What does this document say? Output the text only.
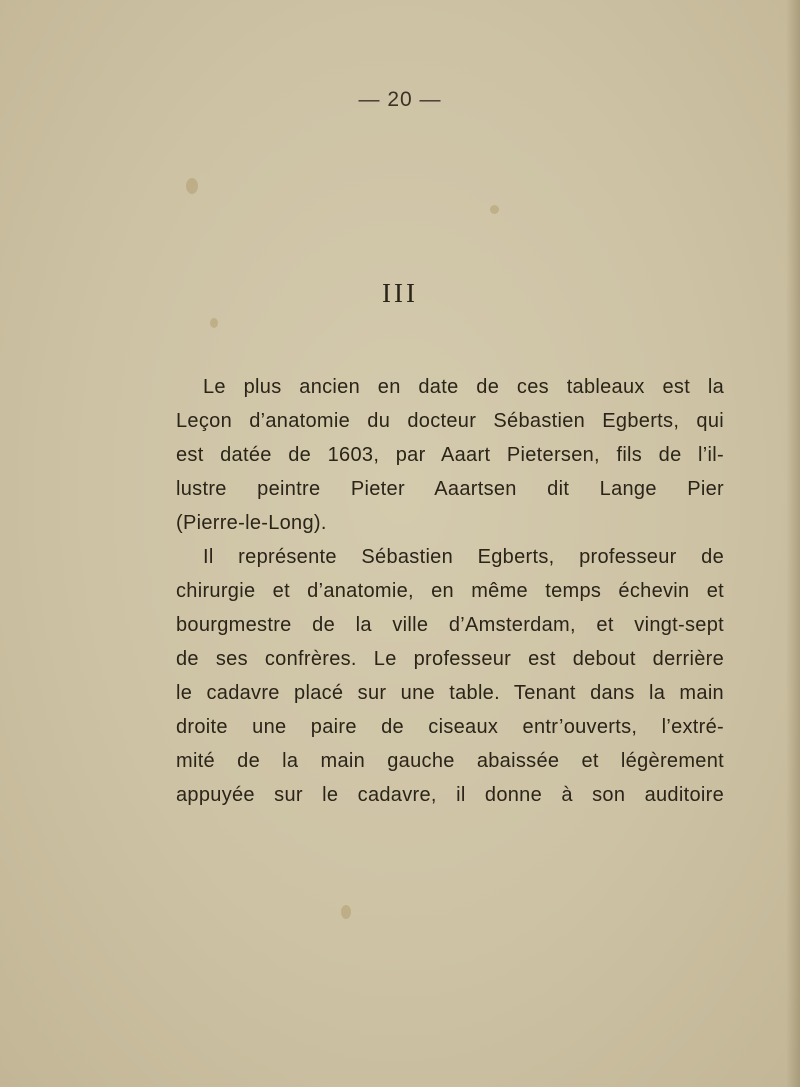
— 20 —
III
Le plus ancien en date de ces tableaux est la
Leçon d’anatomie du docteur Sébastien Egberts, qui
est datée de 1603, par Aaart Pietersen, fils de l’il-
lustre peintre Pieter Aaartsen dit Lange Pier
(Pierre-le-Long).
Il représente Sébastien Egberts, professeur de
chirurgie et d’anatomie, en même temps échevin et
bourgmestre de la ville d’Amsterdam, et vingt-sept
de ses confrères. Le professeur est debout derrière
le cadavre placé sur une table. Tenant dans la main
droite une paire de ciseaux entr’ouverts, l’extré-
mité de la main gauche abaissée et légèrement
appuyée sur le cadavre, il donne à son auditoire
